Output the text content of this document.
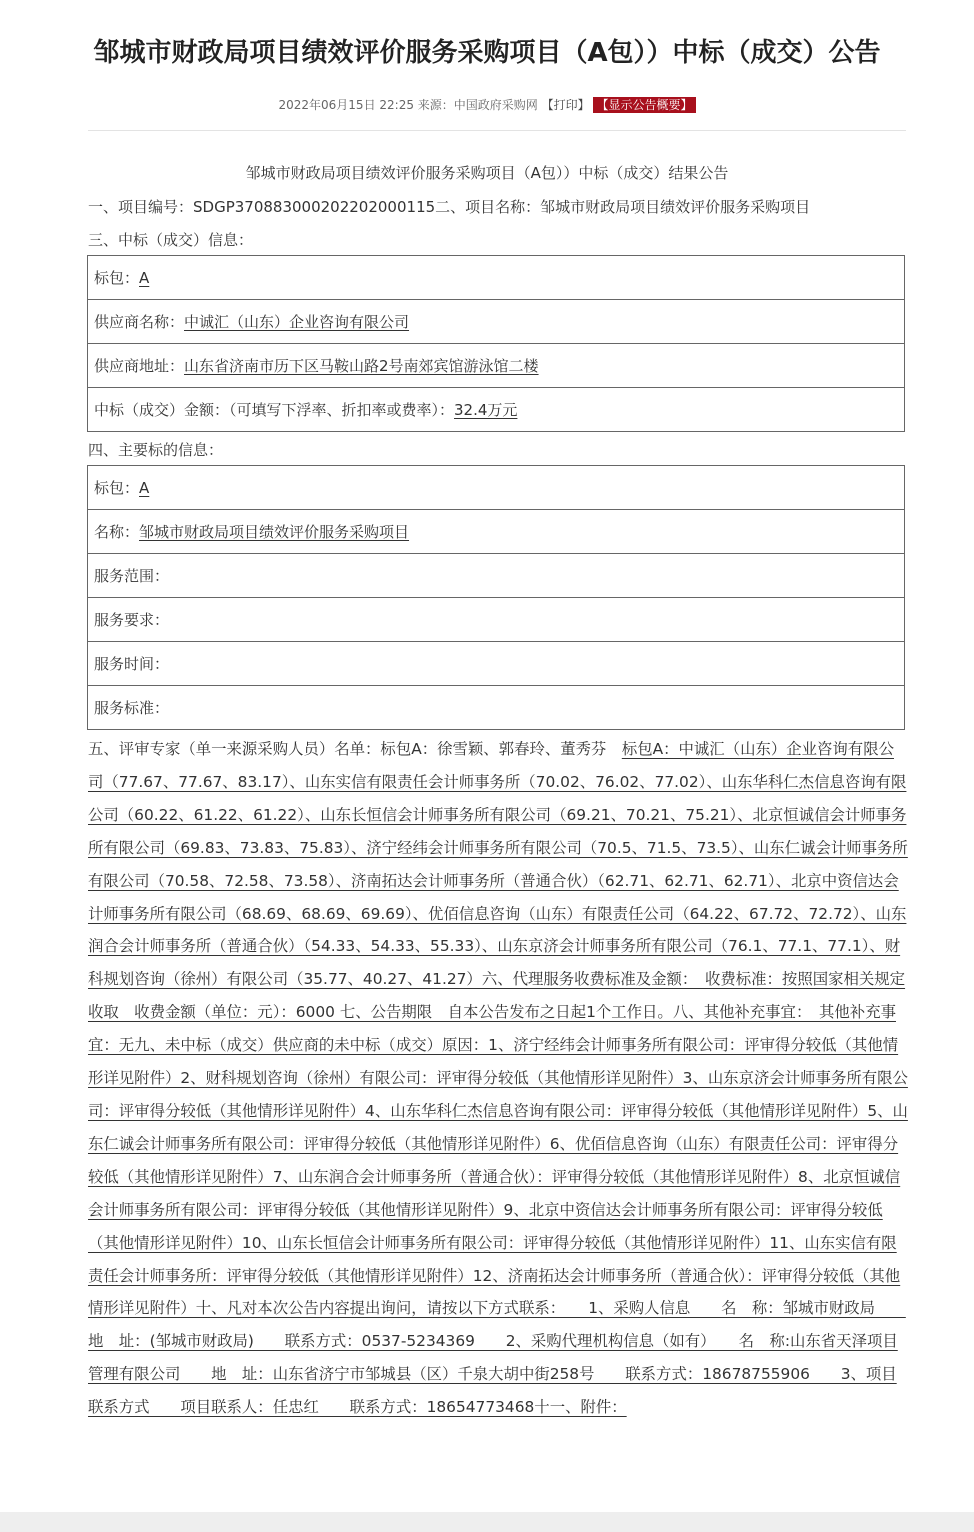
邹城市财政局项目绩效评价服务采购项目（A包））中标（成交）公告
2022年06月15日 22:25 来源：中国政府采购网 【打印】 【显示公告概要】
邹城市财政局项目绩效评价服务采购项目（A包））中标（成交）结果公告
一、项目编号：SDGP370883000202202000115二、项目名称：邹城市财政局项目绩效评价服务采购项目
三、中标（成交）信息：
标包：A
供应商名称：中诚汇（山东）企业咨询有限公司
供应商地址：山东省济南市历下区马鞍山路2号南郊宾馆游泳馆二楼
中标（成交）金额：（可填写下浮率、折扣率或费率）：32.4万元
四、主要标的信息：
标包：A
名称：邹城市财政局项目绩效评价服务采购项目
服务范围：
服务要求：
服务时间：
服务标准：
五、评审专家（单一来源采购人员）名单：标包A：徐雪颖、郭春玲、董秀芬　标包A：中诚汇（山东）企业咨询有限公司（77.67、77.67、83.17）、山东实信有限责任会计师事务所（70.02、76.02、77.02）、山东华科仁杰信息咨询有限公司（60.22、61.22、61.22）、山东长恒信会计师事务所有限公司（69.21、70.21、75.21）、北京恒诚信会计师事务所有限公司（69.83、73.83、75.83）、济宁经纬会计师事务所有限公司（70.5、71.5、73.5）、山东仁诚会计师事务所有限公司（70.58、72.58、73.58）、济南拓达会计师事务所（普通合伙）（62.71、62.71、62.71）、北京中资信达会计师事务所有限公司（68.69、68.69、69.69）、优佰信息咨询（山东）有限责任公司（64.22、67.72、72.72）、山东润合会计师事务所（普通合伙）（54.33、54.33、55.33）、山东京济会计师事务所有限公司（76.1、77.1、77.1）、财科规划咨询（徐州）有限公司（35.77、40.27、41.27）六、代理服务收费标准及金额：　收费标准：按照国家相关规定收取　收费金额（单位：元）：6000 七、公告期限　自本公告发布之日起1个工作日。八、其他补充事宜：　其他补充事宜：无九、未中标（成交）供应商的未中标（成交）原因：1、济宁经纬会计师事务所有限公司：评审得分较低（其他情形详见附件）2、财科规划咨询（徐州）有限公司：评审得分较低（其他情形详见附件）3、山东京济会计师事务所有限公司：评审得分较低（其他情形详见附件）4、山东华科仁杰信息咨询有限公司：评审得分较低（其他情形详见附件）5、山东仁诚会计师事务所有限公司：评审得分较低（其他情形详见附件）6、优佰信息咨询（山东）有限责任公司：评审得分较低（其他情形详见附件）7、山东润合会计师事务所（普通合伙）：评审得分较低（其他情形详见附件）8、北京恒诚信会计师事务所有限公司：评审得分较低（其他情形详见附件）9、北京中资信达会计师事务所有限公司：评审得分较低（其他情形详见附件）10、山东长恒信会计师事务所有限公司：评审得分较低（其他情形详见附件）11、山东实信有限责任会计师事务所：评审得分较低（其他情形详见附件）12、济南拓达会计师事务所（普通合伙）：评审得分较低（其他情形详见附件）十、凡对本次公告内容提出询问，请按以下方式联系：　　1、采购人信息　　名　称：邹城市财政局　　地　址：(邹城市财政局)　　联系方式：0537-5234369　　2、采购代理机构信息（如有）　　名　称:山东省天泽项目管理有限公司　　地　址：山东省济宁市邹城县（区）千泉大胡中街258号　　联系方式：18678755906　　3、项目联系方式　　项目联系人：任忠红　　联系方式：18654773468十一、附件：
